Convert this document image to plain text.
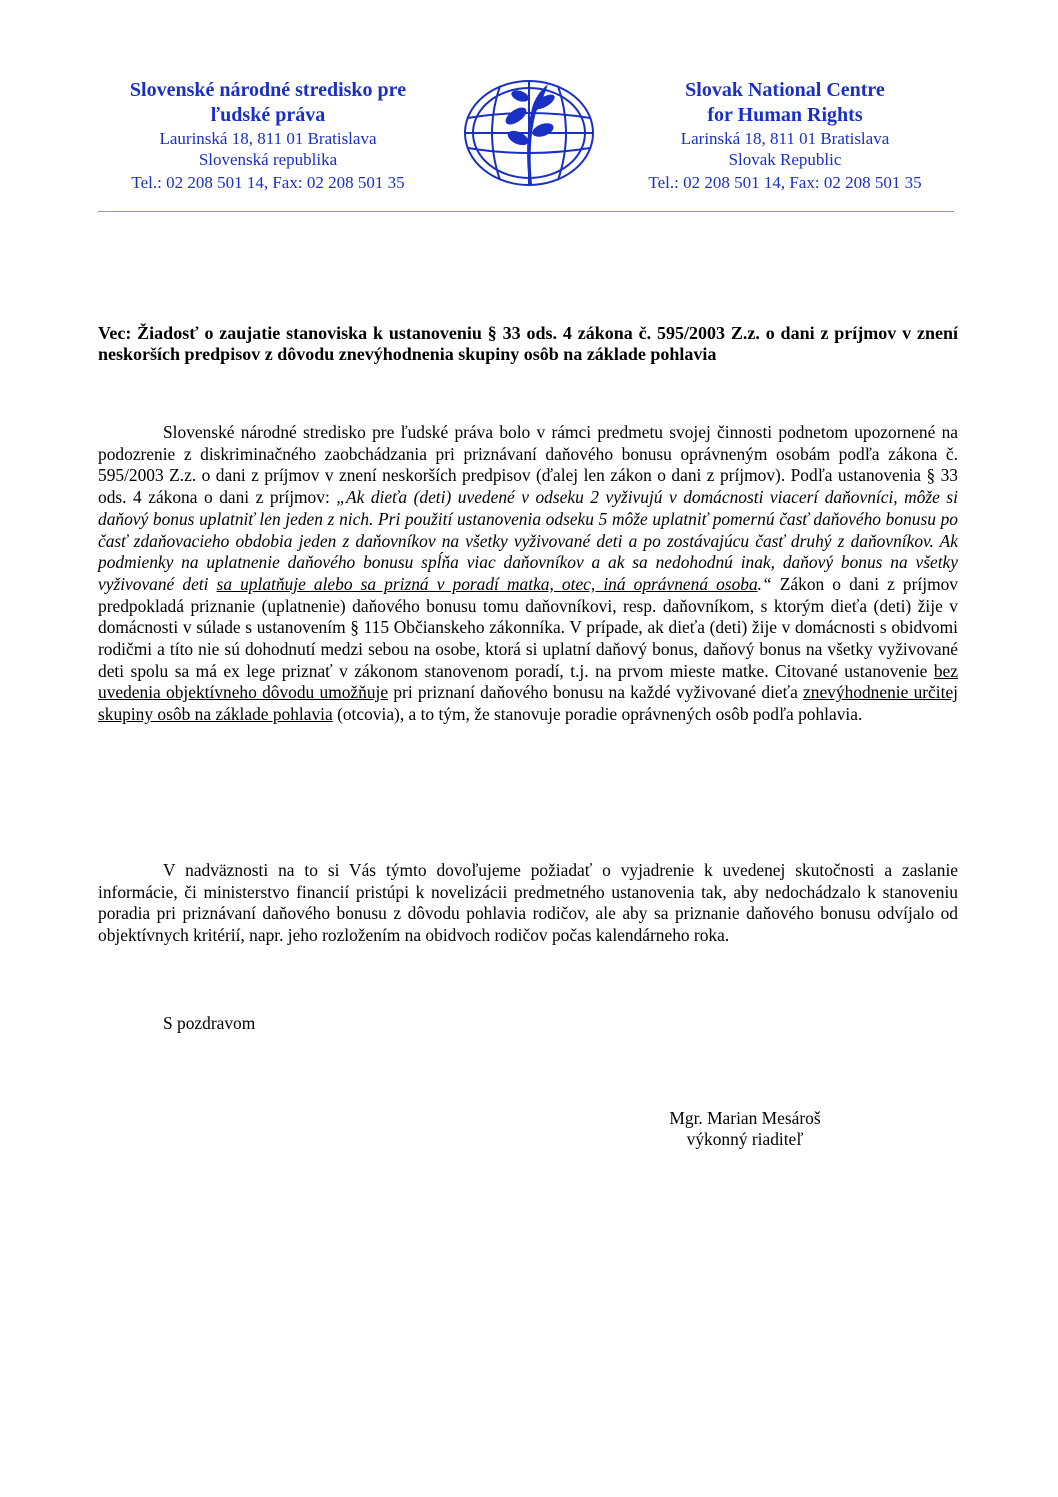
Slovenské národné stredisko pre
ľudské práva
Laurinská 18, 811 01 Bratislava
Slovenská republika
Tel.: 02 208 501 14, Fax: 02 208 501 35
Slovak National Centre
for Human Rights
Larinská 18, 811 01 Bratislava
Slovak Republic
Tel.: 02 208 501 14, Fax: 02 208 501 35
Vec: Žiadosť o zaujatie stanoviska k ustanoveniu § 33 ods. 4 zákona č. 595/2003 Z.z. o dani z príjmov v znení neskorších predpisov z dôvodu znevýhodnenia skupiny osôb na základe pohlavia
Slovenské národné stredisko pre ľudské práva bolo v rámci predmetu svojej činnosti podnetom upozornené na podozrenie z diskriminačného zaobchádzania pri priznávaní daňového bonusu oprávneným osobám podľa zákona č. 595/2003 Z.z. o dani z príjmov v znení neskorších predpisov (ďalej len zákon o dani z príjmov). Podľa ustanovenia § 33 ods. 4 zákona o dani z príjmov: „Ak dieťa (deti) uvedené v odseku 2 vyživujú v domácnosti viacerí daňovníci, môže si daňový bonus uplatniť len jeden z nich. Pri použití ustanovenia odseku 5 môže uplatniť pomernú časť daňového bonusu po časť zdaňovacieho obdobia jeden z daňovníkov na všetky vyživované deti a po zostávajúcu časť druhý z daňovníkov. Ak podmienky na uplatnenie daňového bonusu spĺňa viac daňovníkov a ak sa nedohodnú inak, daňový bonus na všetky vyživované deti sa uplatňuje alebo sa prizná v poradí matka, otec, iná oprávnená osoba.“ Zákon o dani z príjmov predpokladá priznanie (uplatnenie) daňového bonusu tomu daňovníkovi, resp. daňovníkom, s ktorým dieťa (deti) žije v domácnosti v súlade s ustanovením § 115 Občianskeho zákonníka. V prípade, ak dieťa (deti) žije v domácnosti s obidvomi rodičmi a títo nie sú dohodnutí medzi sebou na osobe, ktorá si uplatní daňový bonus, daňový bonus na všetky vyživované deti spolu sa má ex lege priznať v zákonom stanovenom poradí, t.j. na prvom mieste matke. Citované ustanovenie bez uvedenia objektívneho dôvodu umožňuje pri priznaní daňového bonusu na každé vyživované dieťa znevýhodnenie určitej skupiny osôb na základe pohlavia (otcovia), a to tým, že stanovuje poradie oprávnených osôb podľa pohlavia.
V nadväznosti na to si Vás týmto dovoľujeme požiadať o vyjadrenie k uvedenej skutočnosti a zaslanie informácie, či ministerstvo financií pristúpi k novelizácii predmetného ustanovenia tak, aby nedochádzalo k stanoveniu poradia pri priznávaní daňového bonusu z dôvodu pohlavia rodičov, ale aby sa priznanie daňového bonusu odvíjalo od objektívnych kritérií, napr. jeho rozložením na obidvoch rodičov počas kalendárneho roka.
S pozdravom
Mgr. Marian Mesároš
výkonný riaditeľ
